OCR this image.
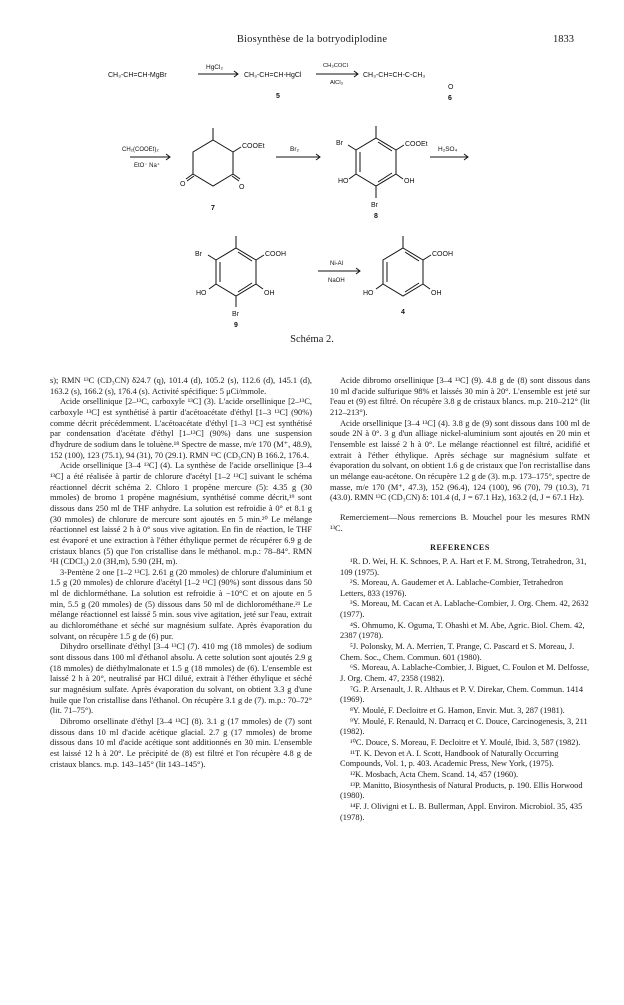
Biosynthèse de la botryodiplodine	1833
CH₃-CH=CH-MgBr
HgCl₂
CH₃-CH=CH-HgCl
CH₃COCl
AlCl₃
CH₃-CH=CH-C-CH₃
O
5	6
CH₂(COOEt)₂
EtO⁻ Na⁺
COOEt
O	O
7
Br₂
Br	COOEt
HO	OH
Br
8
H₂SO₄
Br	COOH
HO	OH
Br
9
Ni-Al
NaOH
COOH
HO	OH
4
Schéma 2.

s); RMN ¹³C (CD₃CN) δ24.7 (q), 101.4 (d), 105.2 (s), 112.6 (d), 145.1 (d), 163.2 (s), 166.2 (s), 176.4 (s). Activité spécifique: 5 μCi/mmole.

Acide orsellinique [2–¹³C, carboxyle ¹³C] (3). L'acide orsellinique [2–¹³C, carboxyle ¹³C] est synthétisé à partir d'acétoacétate d'éthyl [1–3 ¹³C] (90%) comme décrit précédemment. L'acétoacétate d'éthyl [1–3 ¹³C] est synthétisé par condensation d'acétate d'éthyl [1–¹³C] (90%) dans une suspension d'hydrure de sodium dans le toluène.¹⁸ Spectre de masse, m/e 170 (M⁺, 48.9), 152 (100), 123 (75.1), 94 (31), 70 (29.1). RMN ¹³C (CD₃CN) B 166.2, 176.4.

Acide orsellinique [3–4 ¹³C] (4). La synthèse de l'acide orsellinique [3–4 ¹³C] a été réalisée à partir de chlorure d'acétyl [1–2 ¹³C] suivant le schéma réactionnel décrit schéma 2. Chloro 1 propène mercure (5): 4.35 g (30 mmoles) de bromo 1 propène magnésium, synthétisé comme décrit,¹⁹ sont dissous dans 250 ml de THF anhydre. La solution est refroidie à 0° et 8.1 g (30 mmoles) de chlorure de mercure sont ajoutés en 5 min.²⁰ Le mélange réactionnel est laissé 2 h à 0° sous vive agitation. En fin de réaction, le THF est évaporé et une extraction à l'éther éthylique permet de récupérer 6.9 g de cristaux blancs (5) que l'on cristallise dans le méthanol. m.p.: 78–84°. RMN ¹H (CDCl₃) 2.0 (3H,m), 5.90 (2H, m).

3-Pentène 2 one [1–2 ¹³C]. 2.61 g (20 mmoles) de chlorure d'aluminium et 1.5 g (20 mmoles) de chlorure d'acétyl [1–2 ¹³C] (90%) sont dissous dans 50 ml de dichlorméthane. La solution est refroidie à −10°C et on ajoute en 5 min, 5.5 g (20 mmoles) de (5) dissous dans 50 ml de dichlorométhane.²¹ Le mélange réactionnel est laissé 5 min. sous vive agitation, jeté sur l'eau, extrait au dichlorométhane et séché sur magnésium sulfate. Après évaporation du solvant, on récupère 1.5 g de (6) pur.

Dihydro orsellinate d'éthyl [3–4 ¹³C] (7). 410 mg (18 mmoles) de sodium sont dissous dans 100 ml d'éthanol absolu. A cette solution sont ajoutés 2.9 g (18 mmoles) de diéthylmalonate et 1.5 g (18 mmoles) de (6). L'ensemble est laissé 2 h à 20°, neutralisé par HCl dilué, extrait à l'éther éthylique et séché sur magnésium sulfate. Après évaporation du solvant, on obtient 3.3 g d'une huile que l'on cristallise dans l'éthanol. On récupère 3.1 g de (7). m.p.: 70–72° (lit. 71–75°).

Dibromo orsellinate d'éthyl [3–4 ¹³C] (8). 3.1 g (17 mmoles) de (7) sont dissous dans 10 ml d'acide acétique glacial. 2.7 g (17 mmoles) de brome dissous dans 10 ml d'acide acétique sont additionnés en 30 min. L'ensemble est laissé 12 h à 20°. Le précipité de (8) est filtré et l'on récupère 4.8 g de cristaux blancs. m.p. 143–145° (lit 143–145°).

Acide dibromo orsellinique [3–4 ¹³C] (9). 4.8 g de (8) sont dissous dans 10 ml d'acide sulfurique 98% et laissés 30 min à 20°. L'ensemble est jeté sur l'eau et (9) est filtré. On récupère 3.8 g de cristaux blancs. m.p. 210–212° (lit 212–213°).

Acide orsellinique [3–4 ¹³C] (4). 3.8 g de (9) sont dissous dans 100 ml de soude 2N à 0°. 3 g d'un alliage nickel-aluminium sont ajoutés en 20 min et l'ensemble est laissé 2 h à 0°. Le mélange réactionnel est filtré, acidifié et extrait à l'éther éthylique. Après séchage sur magnésium sulfate et évaporation du solvant, on obtient 1.6 g de cristaux que l'on recristallise dans un mélange eau-acétone. On récupère 1.2 g de (3). m.p. 173–175°, spectre de masse, m/e 170 (M⁺, 47.3), 152 (96.4), 124 (100), 96 (70), 79 (10.3), 71 (43.0). RMN ¹³C (CD₃CN) δ: 101.4 (d, J = 67.1 Hz), 163.2 (d, J = 67.1 Hz).

Remerciement—Nous remercions B. Mouchel pour les mesures RMN ¹³C.

REFERENCES

¹R. D. Wei, H. K. Schnoes, P. A. Hart et F. M. Strong, Tetrahedron, 31, 109 (1975).

²S. Moreau, A. Gaudemer et A. Lablache-Combier, Tetrahedron Letters, 833 (1976).

³S. Moreau, M. Cacan et A. Lablache-Combier, J. Org. Chem. 42, 2632 (1977).

⁴S. Ohmumo, K. Oguma, T. Ohashi et M. Abe, Agric. Biol. Chem. 42, 2387 (1978).

⁵J. Polonsky, M. A. Merrien, T. Prange, C. Pascard et S. Moreau, J. Chem. Soc., Chem. Commun. 601 (1980).

⁶S. Moreau, A. Lablache-Combier, J. Biguet, C. Foulon et M. Delfosse, J. Org. Chem. 47, 2358 (1982).

⁷G. P. Arsenault, J. R. Althaus et P. V. Direkar, Chem. Commun. 1414 (1969).

⁸Y. Moulé, F. Decloitre et G. Hamon, Envir. Mut. 3, 287 (1981).

⁹Y. Moulé, F. Renauld, N. Darracq et C. Douce, Carcinogenesis, 3, 211 (1982).

¹⁰C. Douce, S. Moreau, F. Decloitre et Y. Moulé, Ibid. 3, 587 (1982).

¹¹T. K. Devon et A. I. Scott, Handbook of Naturally Occurring Compounds, Vol. 1, p. 403. Academic Press, New York, (1975).

¹²K. Mosbach, Acta Chem. Scand. 14, 457 (1960).

¹³P. Manitto, Biosynthesis of Natural Products, p. 190. Ellis Horwood (1980).

¹⁴F. J. Olivigni et L. B. Bullerman, Appl. Environ. Microbiol. 35, 435 (1978).
